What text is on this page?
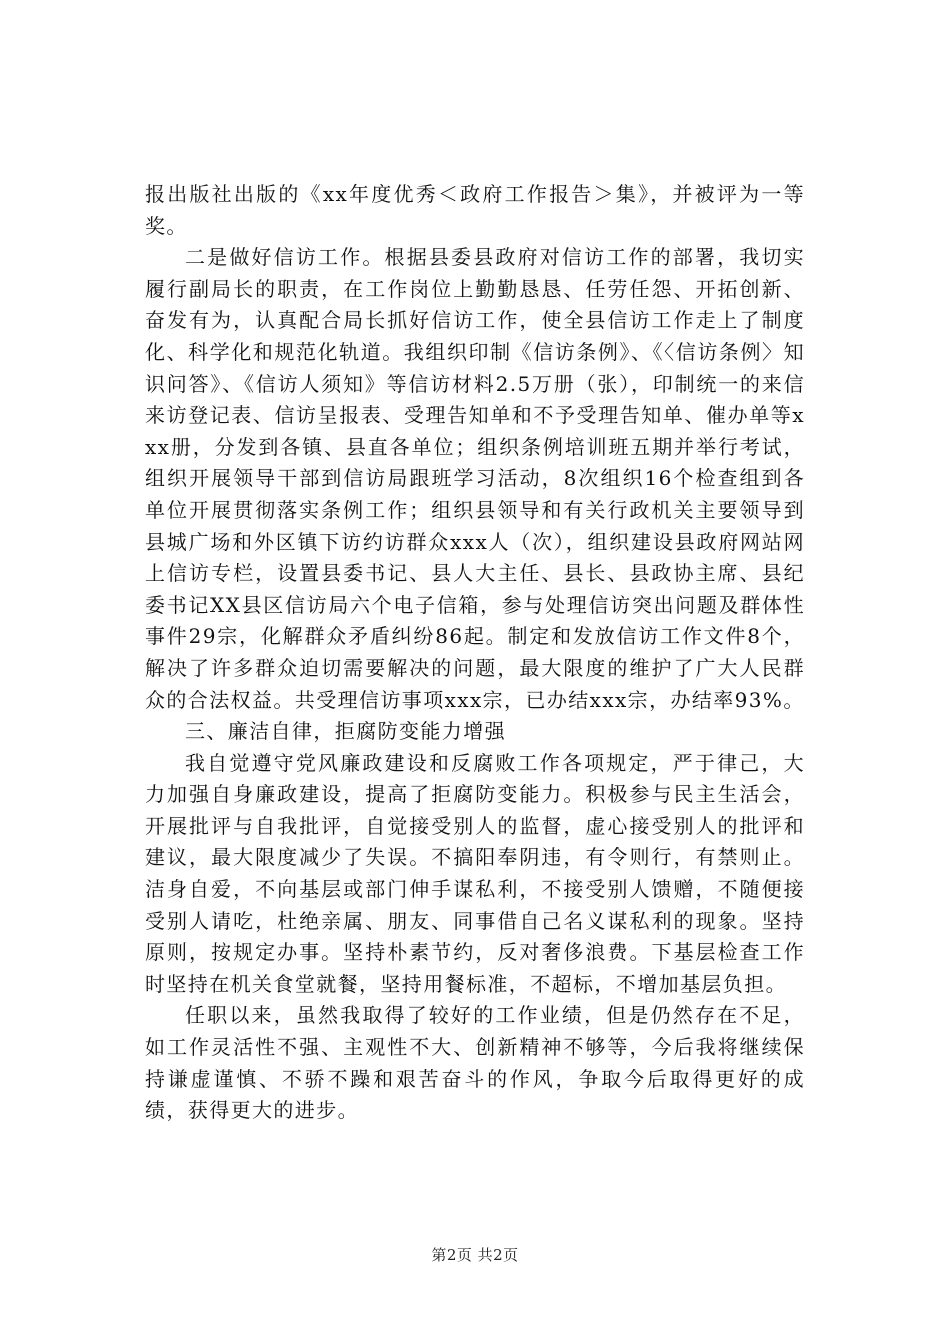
报出版社出版的《xx年度优秀＜政府工作报告＞集》，并被评为一等奖。

二是做好信访工作。根据县委县政府对信访工作的部署，我切实履行副局长的职责，在工作岗位上勤勤恳恳、任劳任怨、开拓创新、奋发有为，认真配合局长抓好信访工作，使全县信访工作走上了制度化、科学化和规范化轨道。我组织印制《信访条例》、《〈信访条例〉知识问答》、《信访人须知》等信访材料2.5万册（张），印制统一的来信来访登记表、信访呈报表、受理告知单和不予受理告知单、催办单等xxx册，分发到各镇、县直各单位；组织条例培训班五期并举行考试，组织开展领导干部到信访局跟班学习活动，8次组织16个检查组到各单位开展贯彻落实条例工作；组织县领导和有关行政机关主要领导到县城广场和外区镇下访约访群众xxx人（次），组织建设县政府网站网上信访专栏，设置县委书记、县人大主任、县长、县政协主席、县纪委书记XX县区信访局六个电子信箱，参与处理信访突出问题及群体性事件29宗，化解群众矛盾纠纷86起。制定和发放信访工作文件8个，解决了许多群众迫切需要解决的问题，最大限度的维护了广大人民群众的合法权益。共受理信访事项xxx宗，已办结xxx宗，办结率93%。

三、廉洁自律，拒腐防变能力增强

我自觉遵守党风廉政建设和反腐败工作各项规定，严于律己，大力加强自身廉政建设，提高了拒腐防变能力。积极参与民主生活会，开展批评与自我批评，自觉接受别人的监督，虚心接受别人的批评和建议，最大限度减少了失误。不搞阳奉阴违，有令则行，有禁则止。洁身自爱，不向基层或部门伸手谋私利，不接受别人馈赠，不随便接受别人请吃，杜绝亲属、朋友、同事借自己名义谋私利的现象。坚持原则，按规定办事。坚持朴素节约，反对奢侈浪费。下基层检查工作时坚持在机关食堂就餐，坚持用餐标准，不超标，不增加基层负担。

任职以来，虽然我取得了较好的工作业绩，但是仍然存在不足，如工作灵活性不强、主观性不大、创新精神不够等，今后我将继续保持谦虚谨慎、不骄不躁和艰苦奋斗的作风，争取今后取得更好的成绩，获得更大的进步。

第2页 共2页
